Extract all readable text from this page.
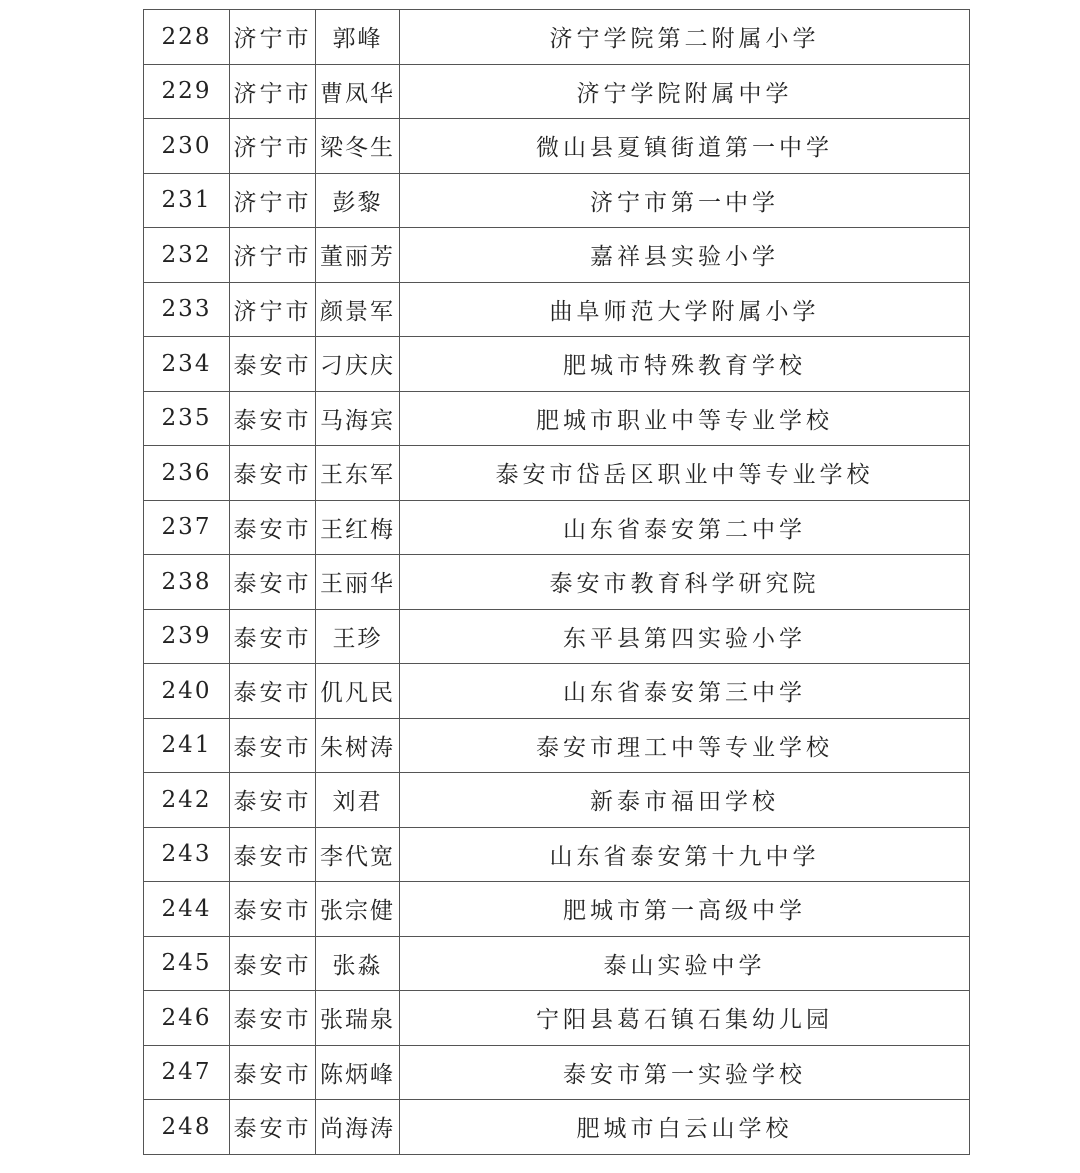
228	济宁市	郭峰	济宁学院第二附属小学
229	济宁市	曹凤华	济宁学院附属中学
230	济宁市	梁冬生	微山县夏镇街道第一中学
231	济宁市	彭黎	济宁市第一中学
232	济宁市	董丽芳	嘉祥县实验小学
233	济宁市	颜景军	曲阜师范大学附属小学
234	泰安市	刁庆庆	肥城市特殊教育学校
235	泰安市	马海宾	肥城市职业中等专业学校
236	泰安市	王东军	泰安市岱岳区职业中等专业学校
237	泰安市	王红梅	山东省泰安第二中学
238	泰安市	王丽华	泰安市教育科学研究院
239	泰安市	王珍	东平县第四实验小学
240	泰安市	仉凡民	山东省泰安第三中学
241	泰安市	朱树涛	泰安市理工中等专业学校
242	泰安市	刘君	新泰市福田学校
243	泰安市	李代宽	山东省泰安第十九中学
244	泰安市	张宗健	肥城市第一高级中学
245	泰安市	张淼	泰山实验中学
246	泰安市	张瑞泉	宁阳县葛石镇石集幼儿园
247	泰安市	陈炳峰	泰安市第一实验学校
248	泰安市	尚海涛	肥城市白云山学校
